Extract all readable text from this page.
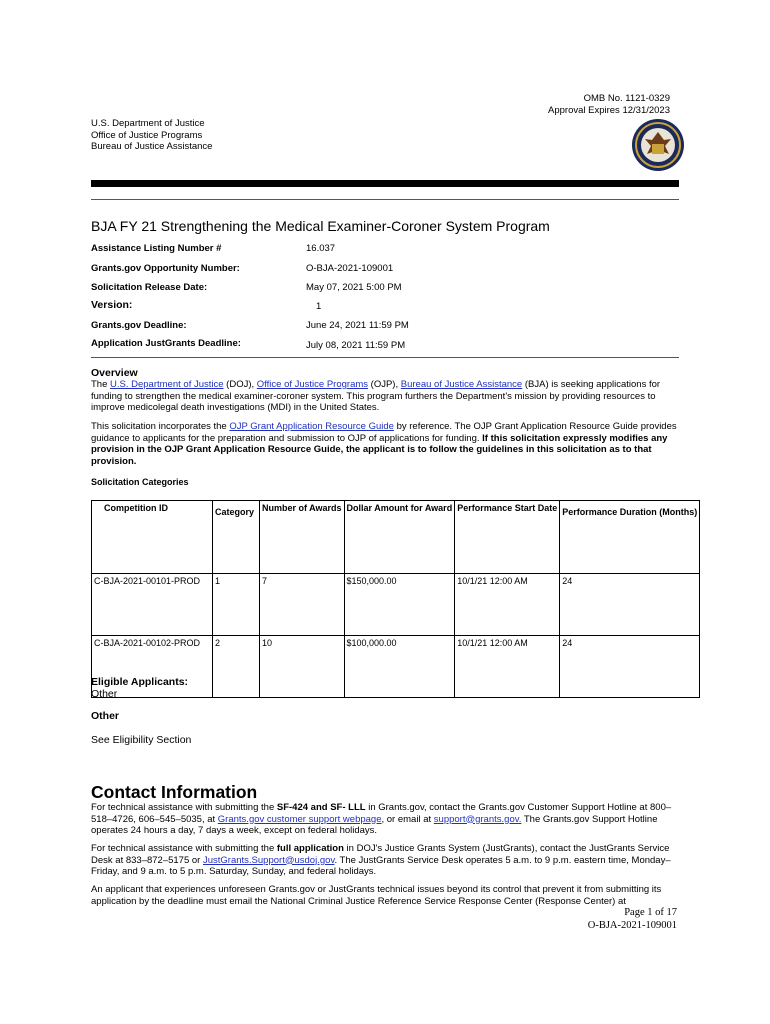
OMB No. 1121-0329
Approval Expires 12/31/2023
U.S. Department of Justice
Office of Justice Programs
Bureau of Justice Assistance
BJA FY 21 Strengthening the Medical Examiner-Coroner System Program
Assistance Listing Number #	16.037
Grants.gov Opportunity Number:	O-BJA-2021-109001
Solicitation Release Date:	May 07, 2021 5:00 PM
Version:	1
Grants.gov Deadline:	June 24, 2021 11:59 PM
Application JustGrants Deadline:	July 08, 2021 11:59 PM
Overview
The U.S. Department of Justice (DOJ), Office of Justice Programs (OJP), Bureau of Justice Assistance (BJA) is seeking applications for funding to strengthen the medical examiner-coroner system. This program furthers the Department's mission by providing resources to improve medicolegal death investigations (MDI) in the United States.
This solicitation incorporates the OJP Grant Application Resource Guide by reference. The OJP Grant Application Resource Guide provides guidance to applicants for the preparation and submission to OJP of applications for funding. If this solicitation expressly modifies any provision in the OJP Grant Application Resource Guide, the applicant is to follow the guidelines in this solicitation as to that provision.
Solicitation Categories
Competition ID	Category	Number of Awards	Dollar Amount for Award	Performance Start Date	Performance Duration (Months)
C-BJA-2021-00101-PROD	1	7	$150,000.00	10/1/21 12:00 AM	24
C-BJA-2021-00102-PROD	2	10	$100,000.00	10/1/21 12:00 AM	24
Eligible Applicants:
Other
Other
See Eligibility Section
Contact Information
For technical assistance with submitting the SF-424 and SF- LLL in Grants.gov, contact the Grants.gov Customer Support Hotline at 800–518–4726, 606–545–5035, at Grants.gov customer support webpage, or email at support@grants.gov. The Grants.gov Support Hotline operates 24 hours a day, 7 days a week, except on federal holidays.
For technical assistance with submitting the full application in DOJ's Justice Grants System (JustGrants), contact the JustGrants Service Desk at 833–872–5175 or JustGrants.Support@usdoj.gov. The JustGrants Service Desk operates 5 a.m. to 9 p.m. eastern time, Monday–Friday, and 9 a.m. to 5 p.m. Saturday, Sunday, and federal holidays.
An applicant that experiences unforeseen Grants.gov or JustGrants technical issues beyond its control that prevent it from submitting its application by the deadline must email the National Criminal Justice Reference Service Response Center (Response Center) at
Page 1 of 17
O-BJA-2021-109001
